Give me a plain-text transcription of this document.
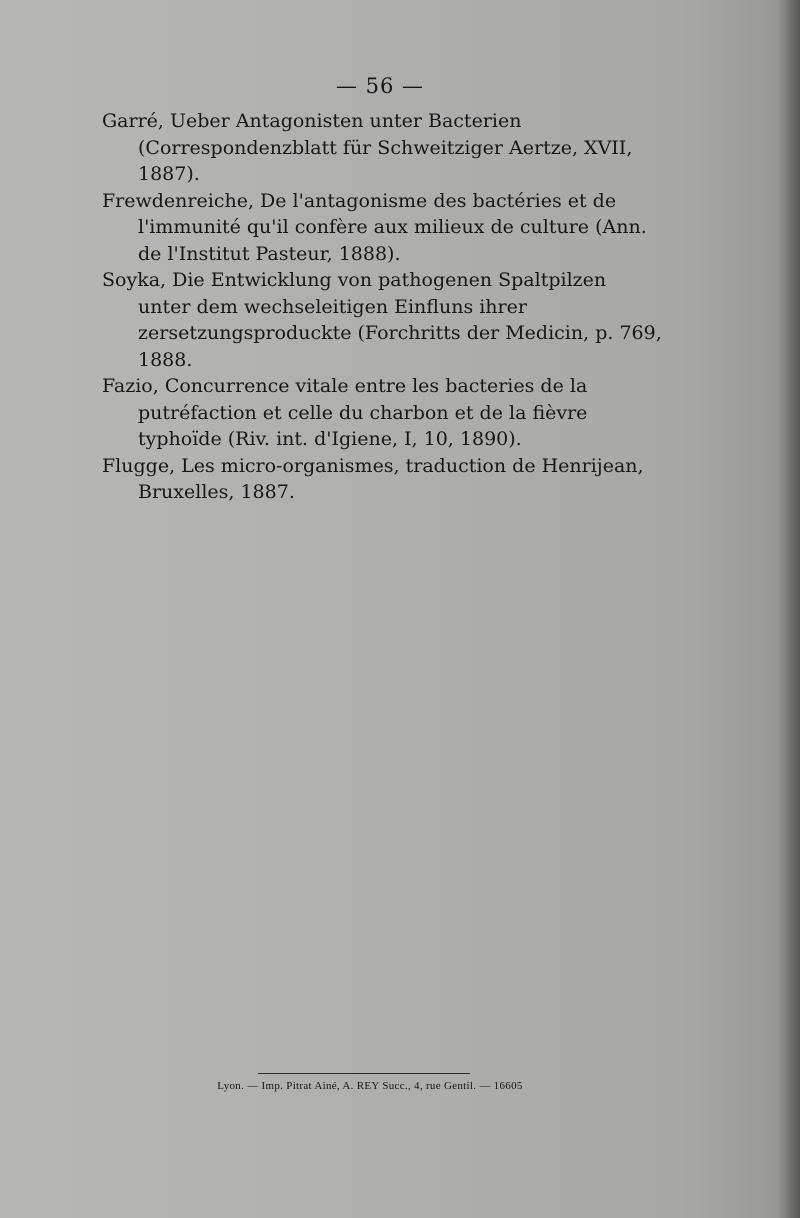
— 56 —
Garré, Ueber Antagonisten unter Bacterien (Correspondenzblatt für Schweitziger Aertze, XVII, 1887).
Frewdenreiche, De l'antagonisme des bactéries et de l'immunité qu'il confère aux milieux de culture (Ann. de l'Institut Pasteur, 1888).
Soyka, Die Entwicklung von pathogenen Spaltpilzen unter dem wechseleitigen Einfluns ihrer zersetzungsproduckte (Forchritts der Medicin, p. 769, 1888.
Fazio, Concurrence vitale entre les bacteries de la putréfaction et celle du charbon et de la fièvre typhoïde (Riv. int. d'Igiene, I, 10, 1890).
Flugge, Les micro-organismes, traduction de Henrijean, Bruxelles, 1887.
Lyon. — Imp. Pitrat Ainé, A. REY Succ., 4, rue Gentil. — 16605
